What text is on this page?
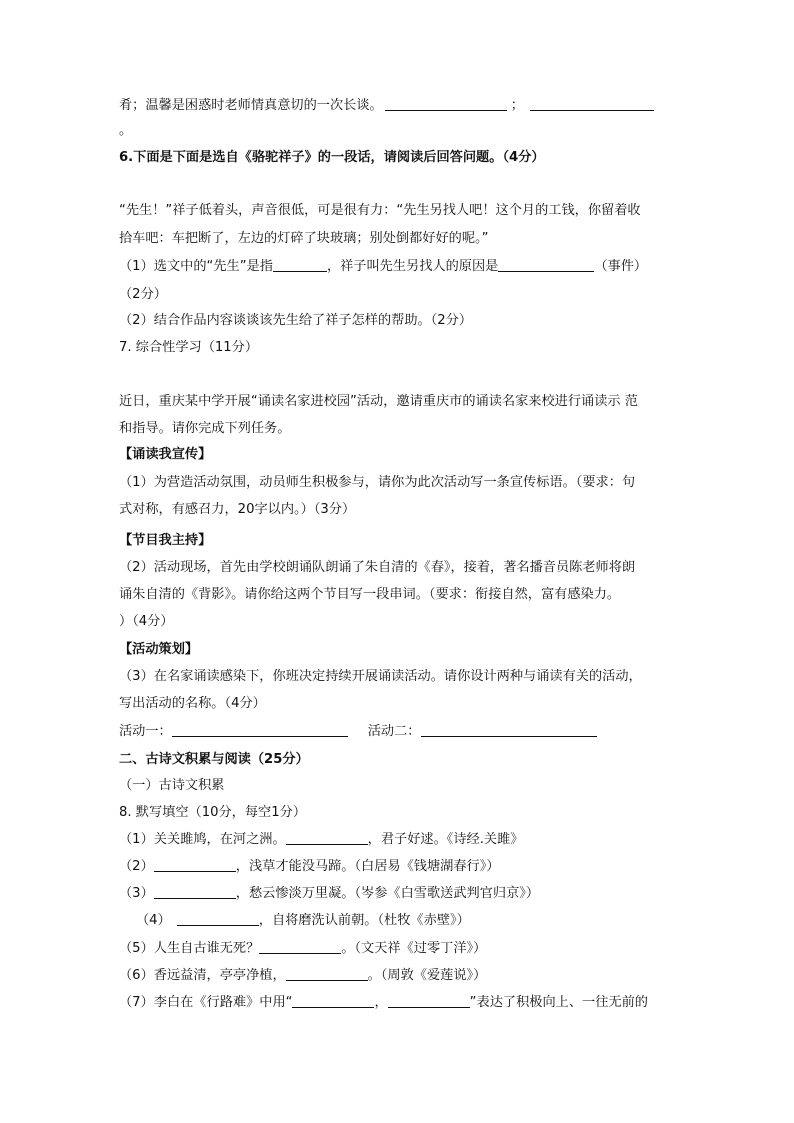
肴；温馨是困惑时老师情真意切的一次长谈。	；
。
6.下面是下面是选自《骆驼祥子》的一段话，请阅读后回答问题。（4分）
“先生！”祥子低着头，声音很低，可是很有力：“先生另找人吧！这个月的工钱，你留着收
拾车吧：车把断了，左边的灯碎了块玻璃；别处倒都好好的呢。”
（1）选文中的“先生”是指	，祥子叫先生另找人的原因是	（事件）
（2分）
（2）结合作品内容谈谈该先生给了祥子怎样的帮助。（2分）
7. 综合性学习（11分）
近日，重庆某中学开展“诵读名家进校园”活动，邀请重庆市的诵读名家来校进行诵读示 范
和指导。请你完成下列任务。
【诵读我宣传】
（1）为营造活动氛围，动员师生积极参与，请你为此次活动写一条宣传标语。（要求：句
式对称，有感召力，20字以内。）（3分）
【节目我主持】
（2）活动现场，首先由学校朗诵队朗诵了朱自清的《春》，接着，著名播音员陈老师将朗
诵朱自清的《背影》。请你给这两个节目写一段串词。（要求：衔接自然，富有感染力。
）（4分）
【活动策划】
（3）在名家诵读感染下，你班决定持续开展诵读活动。请你设计两种与诵读有关的活动，
写出活动的名称。（4分）
活动一：	活动二：
二、古诗文积累与阅读（25分）
（一）古诗文积累
8. 默写填空（10分，每空1分）
（1）关关雎鸠，在河之洲。	，君子好逑。《诗经.关雎》
（2）	，浅草才能没马蹄。（白居易《钱塘湖春行》）
（3）	，愁云惨淡万里凝。（岑参《白雪歌送武判官归京》）
（4）	，自将磨洗认前朝。（杜牧《赤壁》）
（5）人生自古谁无死？	。（文天祥《过零丁洋》）
（6）香远益清，亭亭净植，	。（周敦《爱莲说》）
（7）李白在《行路难》中用“	，	”表达了积极向上、一往无前的
